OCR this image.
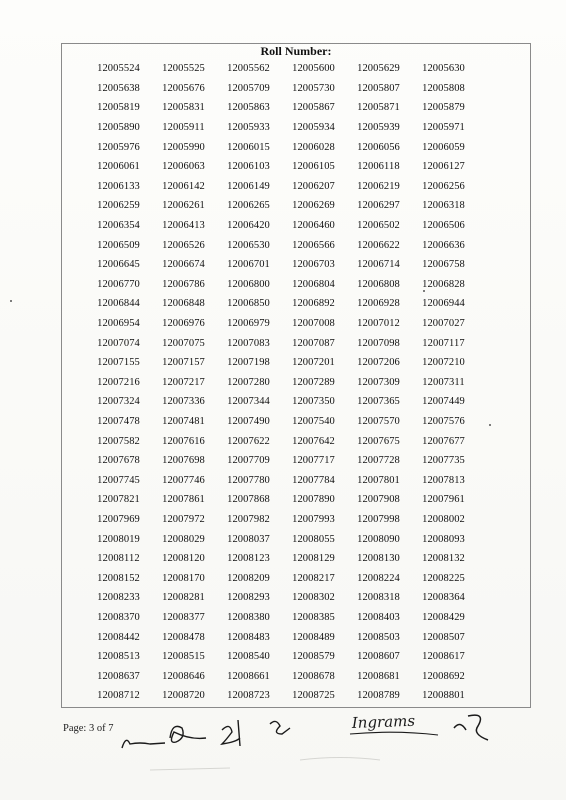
Roll Number:
12005524	12005525	12005562	12005600	12005629	12005630
12005638	12005676	12005709	12005730	12005807	12005808
12005819	12005831	12005863	12005867	12005871	12005879
12005890	12005911	12005933	12005934	12005939	12005971
12005976	12005990	12006015	12006028	12006056	12006059
12006061	12006063	12006103	12006105	12006118	12006127
12006133	12006142	12006149	12006207	12006219	12006256
12006259	12006261	12006265	12006269	12006297	12006318
12006354	12006413	12006420	12006460	12006502	12006506
12006509	12006526	12006530	12006566	12006622	12006636
12006645	12006674	12006701	12006703	12006714	12006758
12006770	12006786	12006800	12006804	12006808	12006828
12006844	12006848	12006850	12006892	12006928	12006944
12006954	12006976	12006979	12007008	12007012	12007027
12007074	12007075	12007083	12007087	12007098	12007117
12007155	12007157	12007198	12007201	12007206	12007210
12007216	12007217	12007280	12007289	12007309	12007311
12007324	12007336	12007344	12007350	12007365	12007449
12007478	12007481	12007490	12007540	12007570	12007576
12007582	12007616	12007622	12007642	12007675	12007677
12007678	12007698	12007709	12007717	12007728	12007735
12007745	12007746	12007780	12007784	12007801	12007813
12007821	12007861	12007868	12007890	12007908	12007961
12007969	12007972	12007982	12007993	12007998	12008002
12008019	12008029	12008037	12008055	12008090	12008093
12008112	12008120	12008123	12008129	12008130	12008132
12008152	12008170	12008209	12008217	12008224	12008225
12008233	12008281	12008293	12008302	12008318	12008364
12008370	12008377	12008380	12008385	12008403	12008429
12008442	12008478	12008483	12008489	12008503	12008507
12008513	12008515	12008540	12008579	12008607	12008617
12008637	12008646	12008661	12008678	12008681	12008692
12008712	12008720	12008723	12008725	12008789	12008801
Page: 3 of 7	Ingrams
